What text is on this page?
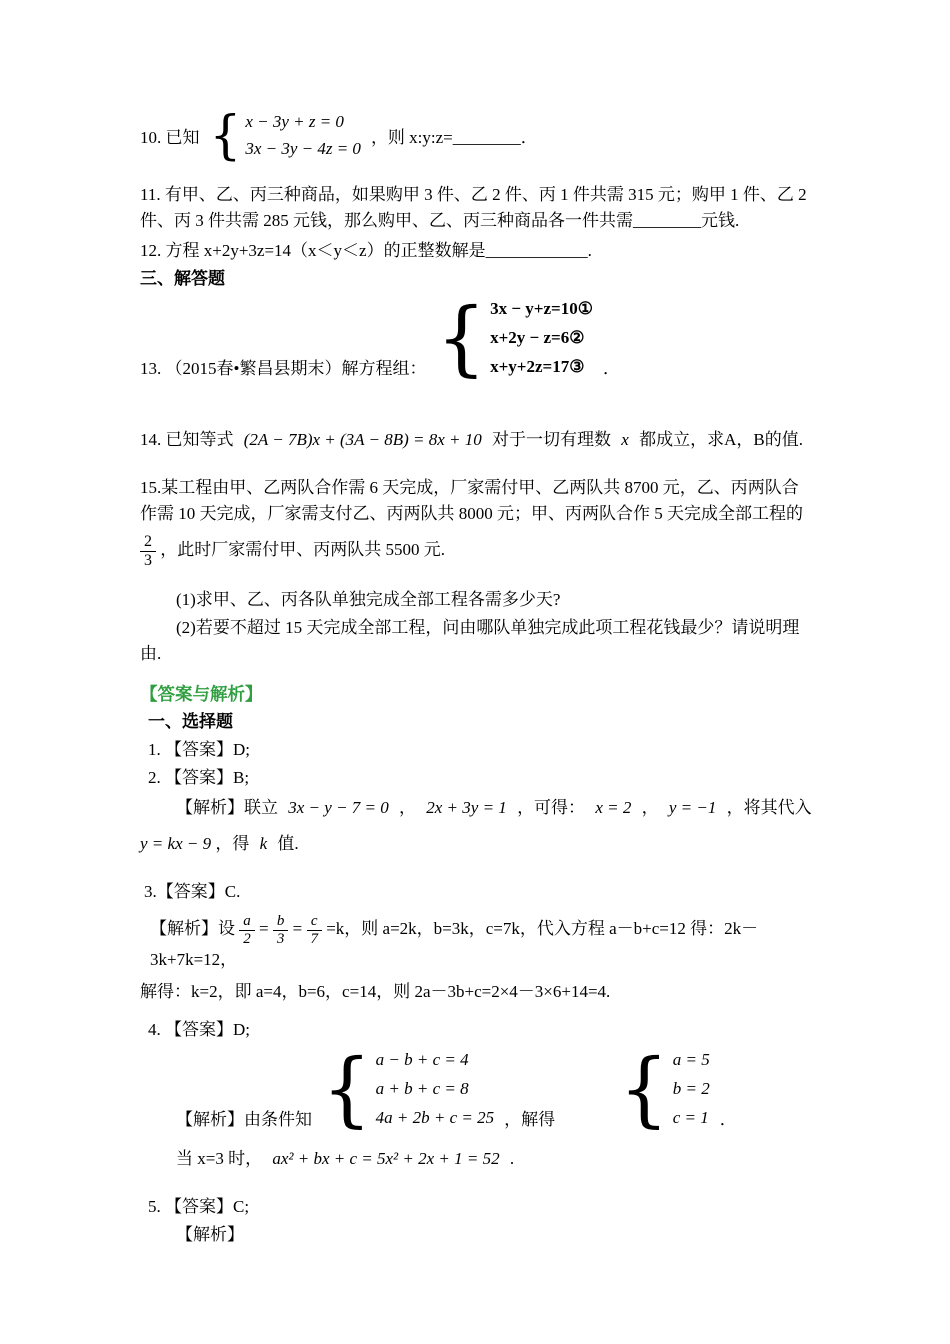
10. 已知 { x − 3y + z = 0
3x − 3y − 4z = 0
，则 x:y:z=________．
11. 有甲、乙、丙三种商品，如果购甲 3 件、乙 2 件、丙 1 件共需 315 元；购甲 1 件、乙 2
件、丙 3 件共需 285 元钱，那么购甲、乙、丙三种商品各一件共需________元钱.
12. 方程 x+2y+3z=14（x＜y＜z）的正整数解是____________.
三、解答题
13. （2015春•繁昌县期末）解方程组： { 3x − y+z=10①
x+2y − z=6②
x+y+2z=17③	．
14. 已知等式 (2A − 7B)x + (3A − 8B) = 8x + 10 对于一切有理数 x 都成立，求A，B的值.
15.某工程由甲、乙两队合作需 6 天完成，厂家需付甲、乙两队共 8700 元，乙、丙两队合
作需 10 天完成，厂家需支付乙、丙两队共 8000 元；甲、丙两队合作 5 天完成全部工程的
$\frac{2}{3}$ ，此时厂家需付甲、丙两队共 5500 元.
(1)求甲、乙、丙各队单独完成全部工程各需多少天?
(2)若要不超过 15 天完成全部工程，问由哪队单独完成此项工程花钱最少？请说明理
由.
【答案与解析】
一、选择题
1. 【答案】D;
2. 【答案】B;
【解析】联立 3x − y − 7 = 0 ， 2x + 3y = 1 ，可得： x = 2 ， y = −1 ，将其代入
y = kx − 9 ，得 k 值.
3.【答案】C.
【解析】设 $\frac{a}{2} = \frac{b}{3} = \frac{c}{7} =k$，则 a=2k，b=3k，c=7k，代入方程 a－b+c=12 得：2k－3k+7k=12，
解得：k=2，即 a=4，b=6，c=14，则 2a－3b+c=2×4－3×6+14=4.
4. 【答案】D;
【解析】由条件知 { a − b + c = 4
a + b + c = 8
4a + 2b + c = 25 ，解得 { a = 5
b = 2
c = 1 ．
当 x=3 时， ax² + bx + c = 5x² + 2x + 1 = 52 .
5. 【答案】C;
【解析】
